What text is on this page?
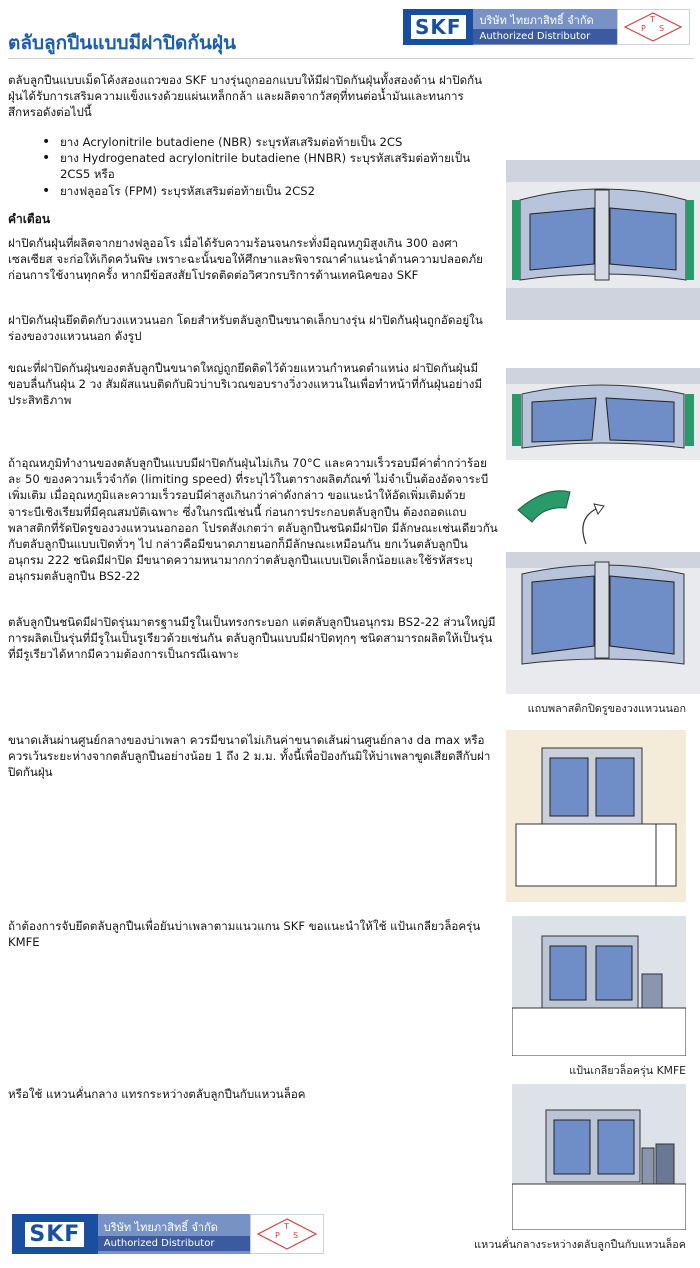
SKF	บริษัท ไทยภาสิทธิ์ จำกัด
Authorized Distributor
P
T
S
ตลับลูกปืนแบบมีฝาปิดกันฝุ่น
ตลับลูกปืนแบบเม็ดโค้งสองแถวของ SKF บางรุ่นถูกออกแบบให้มีฝาปิดกันฝุ่นทั้งสองด้าน ฝาปิดกันฝุ่นได้รับการเสริมความแข็งแรงด้วยแผ่นเหล็กกล้า และผลิตจากวัสดุที่ทนต่อน้ำมันและทนการสึกหรอดังต่อไปนี้
• ยาง Acrylonitrile butadiene (NBR) ระบุรหัสเสริมต่อท้ายเป็น 2CS
• ยาง Hydrogenated acrylonitrile butadiene (HNBR) ระบุรหัสเสริมต่อท้ายเป็น 2CS5 หรือ
• ยางฟลูออโร (FPM) ระบุรหัสเสริมต่อท้ายเป็น 2CS2
คำเตือน
ฝาปิดกันฝุ่นที่ผลิตจากยางฟลูออโร เมื่อได้รับความร้อนจนกระทั่งมีอุณหภูมิสูงเกิน 300 องศาเซลเซียส จะก่อให้เกิดควันพิษ เพราะฉะนั้นขอให้ศึกษาและพิจารณาคำแนะนำด้านความปลอดภัยก่อนการใช้งานทุกครั้ง หากมีข้อสงสัยโปรดติดต่อวิศวกรบริการด้านเทคนิคของ SKF
ฝาปิดกันฝุ่นยึดติดกับวงแหวนนอก โดยสำหรับตลับลูกปืนขนาดเล็กบางรุ่น ฝาปิดกันฝุ่นถูกอัดอยู่ในร่องของวงแหวนนอก ดังรูป
ขณะที่ฝาปิดกันฝุ่นของตลับลูกปืนขนาดใหญ่ถูกยึดติดไว้ด้วยแหวนกำหนดตำแหน่ง ฝาปิดกันฝุ่นมีขอบลื่นกันฝุ่น 2 วง สัมผัสแนบติดกับผิวบ่าบริเวณขอบรางวิ่งวงแหวนในเพื่อทำหน้าที่กันฝุ่นอย่างมีประสิทธิภาพ
ถ้าอุณหภูมิทำงานของตลับลูกปืนแบบมีฝาปิดกันฝุ่นไม่เกิน 70°C และความเร็วรอบมีค่าต่ำกว่าร้อยละ 50 ของความเร็วจำกัด (limiting speed) ที่ระบุไว้ในตารางผลิตภัณฑ์ ไม่จำเป็นต้องอัดจาระบีเพิ่มเติม เมื่ออุณหภูมิและความเร็วรอบมีค่าสูงเกินกว่าค่าดังกล่าว ขอแนะนำให้อัดเพิ่มเติมด้วยจาระบีเชิงเรียมที่มีคุณสมบัติเฉพาะ ซึ่งในกรณีเช่นนี้ ก่อนการประกอบตลับลูกปืน ต้องถอดแถบพลาสติกที่รัดปิดรูของวงแหวนนอกออก โปรดสังเกตว่า ตลับลูกปืนชนิดมีฝาปิด มีลักษณะเช่นเดียวกันกับตลับลูกปืนแบบเปิดทั่วๆ ไป กล่าวคือมีขนาดภายนอกก็มีลักษณะเหมือนกัน ยกเว้นตลับลูกปืนอนุกรม 222 ชนิดมีฝาปิด มีขนาดความหนามากกว่าตลับลูกปืนแบบเปิดเล็กน้อยและใช้รหัสระบุอนุกรมตลับลูกปืน BS2-22
ตลับลูกปืนชนิดมีฝาปิดรุ่นมาตรฐานมีรูในเป็นทรงกระบอก แต่ตลับลูกปืนอนุกรม BS2-22 ส่วนใหญ่มีการผลิตเป็นรุ่นที่มีรูในเป็นรูเรียวด้วยเช่นกัน ตลับลูกปืนแบบมีฝาปิดทุกๆ ชนิดสามารถผลิตให้เป็นรุ่นที่มีรูเรียวได้หากมีความต้องการเป็นกรณีเฉพาะ
ขนาดเส้นผ่านศูนย์กลางของบ่าเพลา ควรมีขนาดไม่เกินค่าขนาดเส้นผ่านศูนย์กลาง da max หรือควรเว้นระยะห่างจากตลับลูกปืนอย่างน้อย 1 ถึง 2 ม.ม. ทั้งนี้เพื่อป้องกันมิให้บ่าเพลาขูดเสียดสีกับฝาปิดกันฝุ่น
ถ้าต้องการจับยึดตลับลูกปืนเพื่อยันบ่าเพลาตามแนวแกน SKF ขอแนะนำให้ใช้ แป้นเกลียวล็อครุ่น KMFE
หรือใช้ แหวนคั่นกลาง แทรกระหว่างตลับลูกปืนกับแหวนล็อค
แถบพลาสติกปิดรูของวงแหวนนอก
แป้นเกลียวล็อครุ่น KMFE
แหวนคั่นกลางระหว่างตลับลูกปืนกับแหวนล็อค
SKF	บริษัท ไทยภาสิทธิ์ จำกัด
Authorized Distributor
P
T
S
